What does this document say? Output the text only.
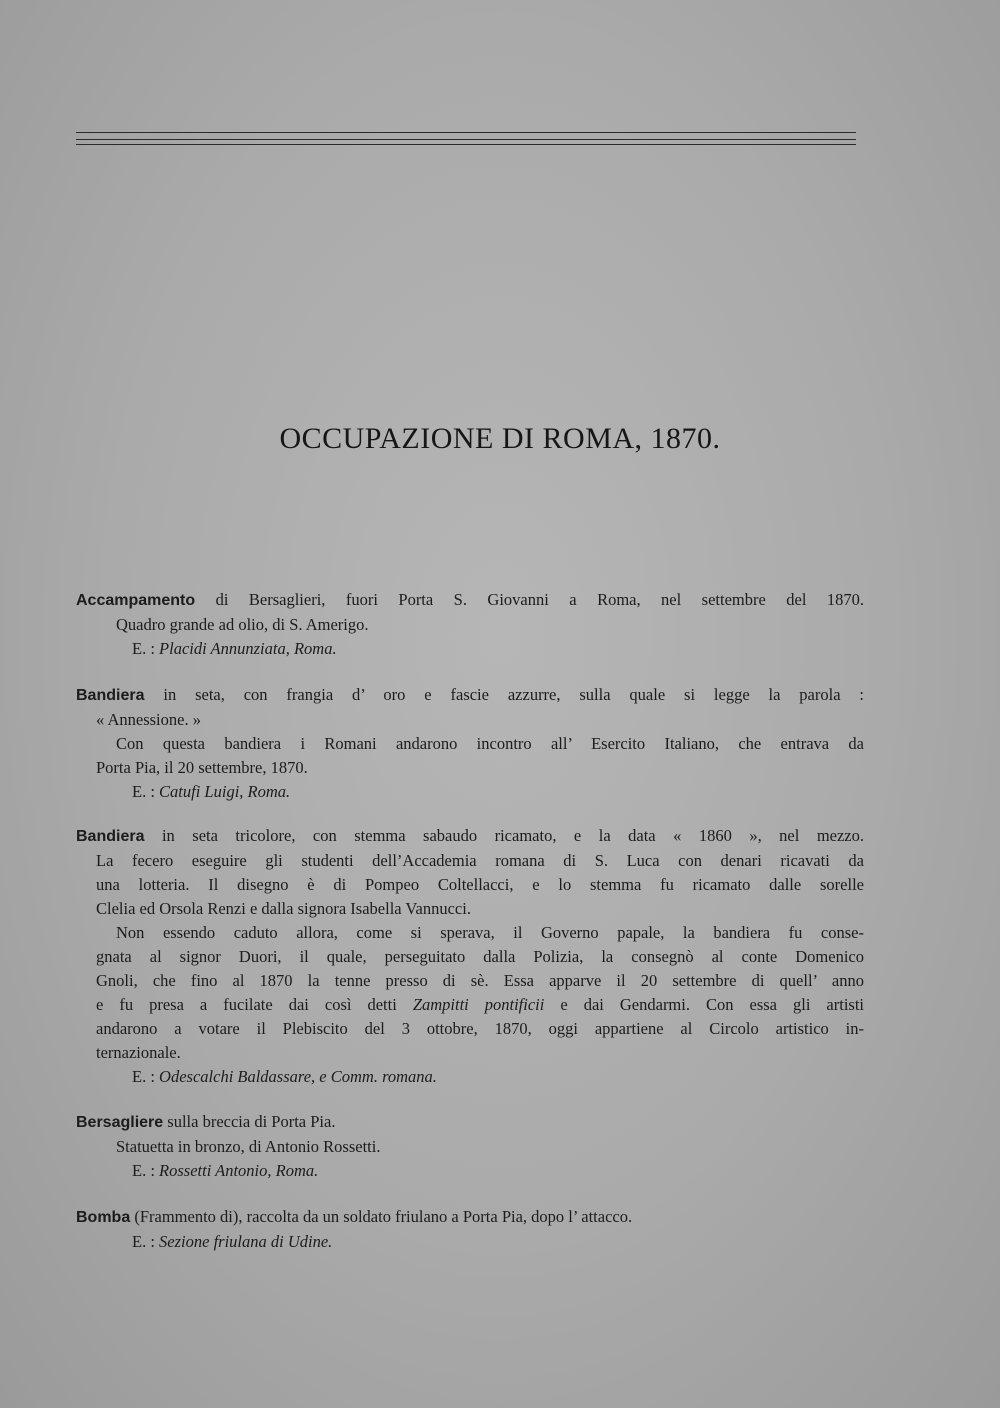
OCCUPAZIONE DI ROMA, 1870.

Accampamento di Bersaglieri, fuori Porta S. Giovanni a Roma, nel settembre del 1870.

Quadro grande ad olio, di S. Amerigo.

E. : Placidi Annunziata, Roma.

Bandiera in seta, con frangia d’ oro e fascie azzurre, sulla quale si legge la parola :

« Annessione. »

Con questa bandiera i Romani andarono incontro all’ Esercito Italiano, che entrava da

Porta Pia, il 20 settembre, 1870.

E. : Catufi Luigi, Roma.

Bandiera in seta tricolore, con stemma sabaudo ricamato, e la data « 1860 », nel mezzo.

La fecero eseguire gli studenti dell’Accademia romana di S. Luca con denari ricavati da

una lotteria. Il disegno è di Pompeo Coltellacci, e lo stemma fu ricamato dalle sorelle

Clelia ed Orsola Renzi e dalla signora Isabella Vannucci.

Non essendo caduto allora, come si sperava, il Governo papale, la bandiera fu conse-

gnata al signor Duori, il quale, perseguitato dalla Polizia, la consegnò al conte Domenico

Gnoli, che fino al 1870 la tenne presso di sè. Essa apparve il 20 settembre di quell’ anno

e fu presa a fucilate dai così detti Zampitti pontificii e dai Gendarmi. Con essa gli artisti

andarono a votare il Plebiscito del 3 ottobre, 1870, oggi appartiene al Circolo artistico in-

ternazionale.

E. : Odescalchi Baldassare, e Comm. romana.

Bersagliere sulla breccia di Porta Pia.

Statuetta in bronzo, di Antonio Rossetti.

E. : Rossetti Antonio, Roma.

Bomba (Frammento di), raccolta da un soldato friulano a Porta Pia, dopo l’ attacco.

E. : Sezione friulana di Udine.
